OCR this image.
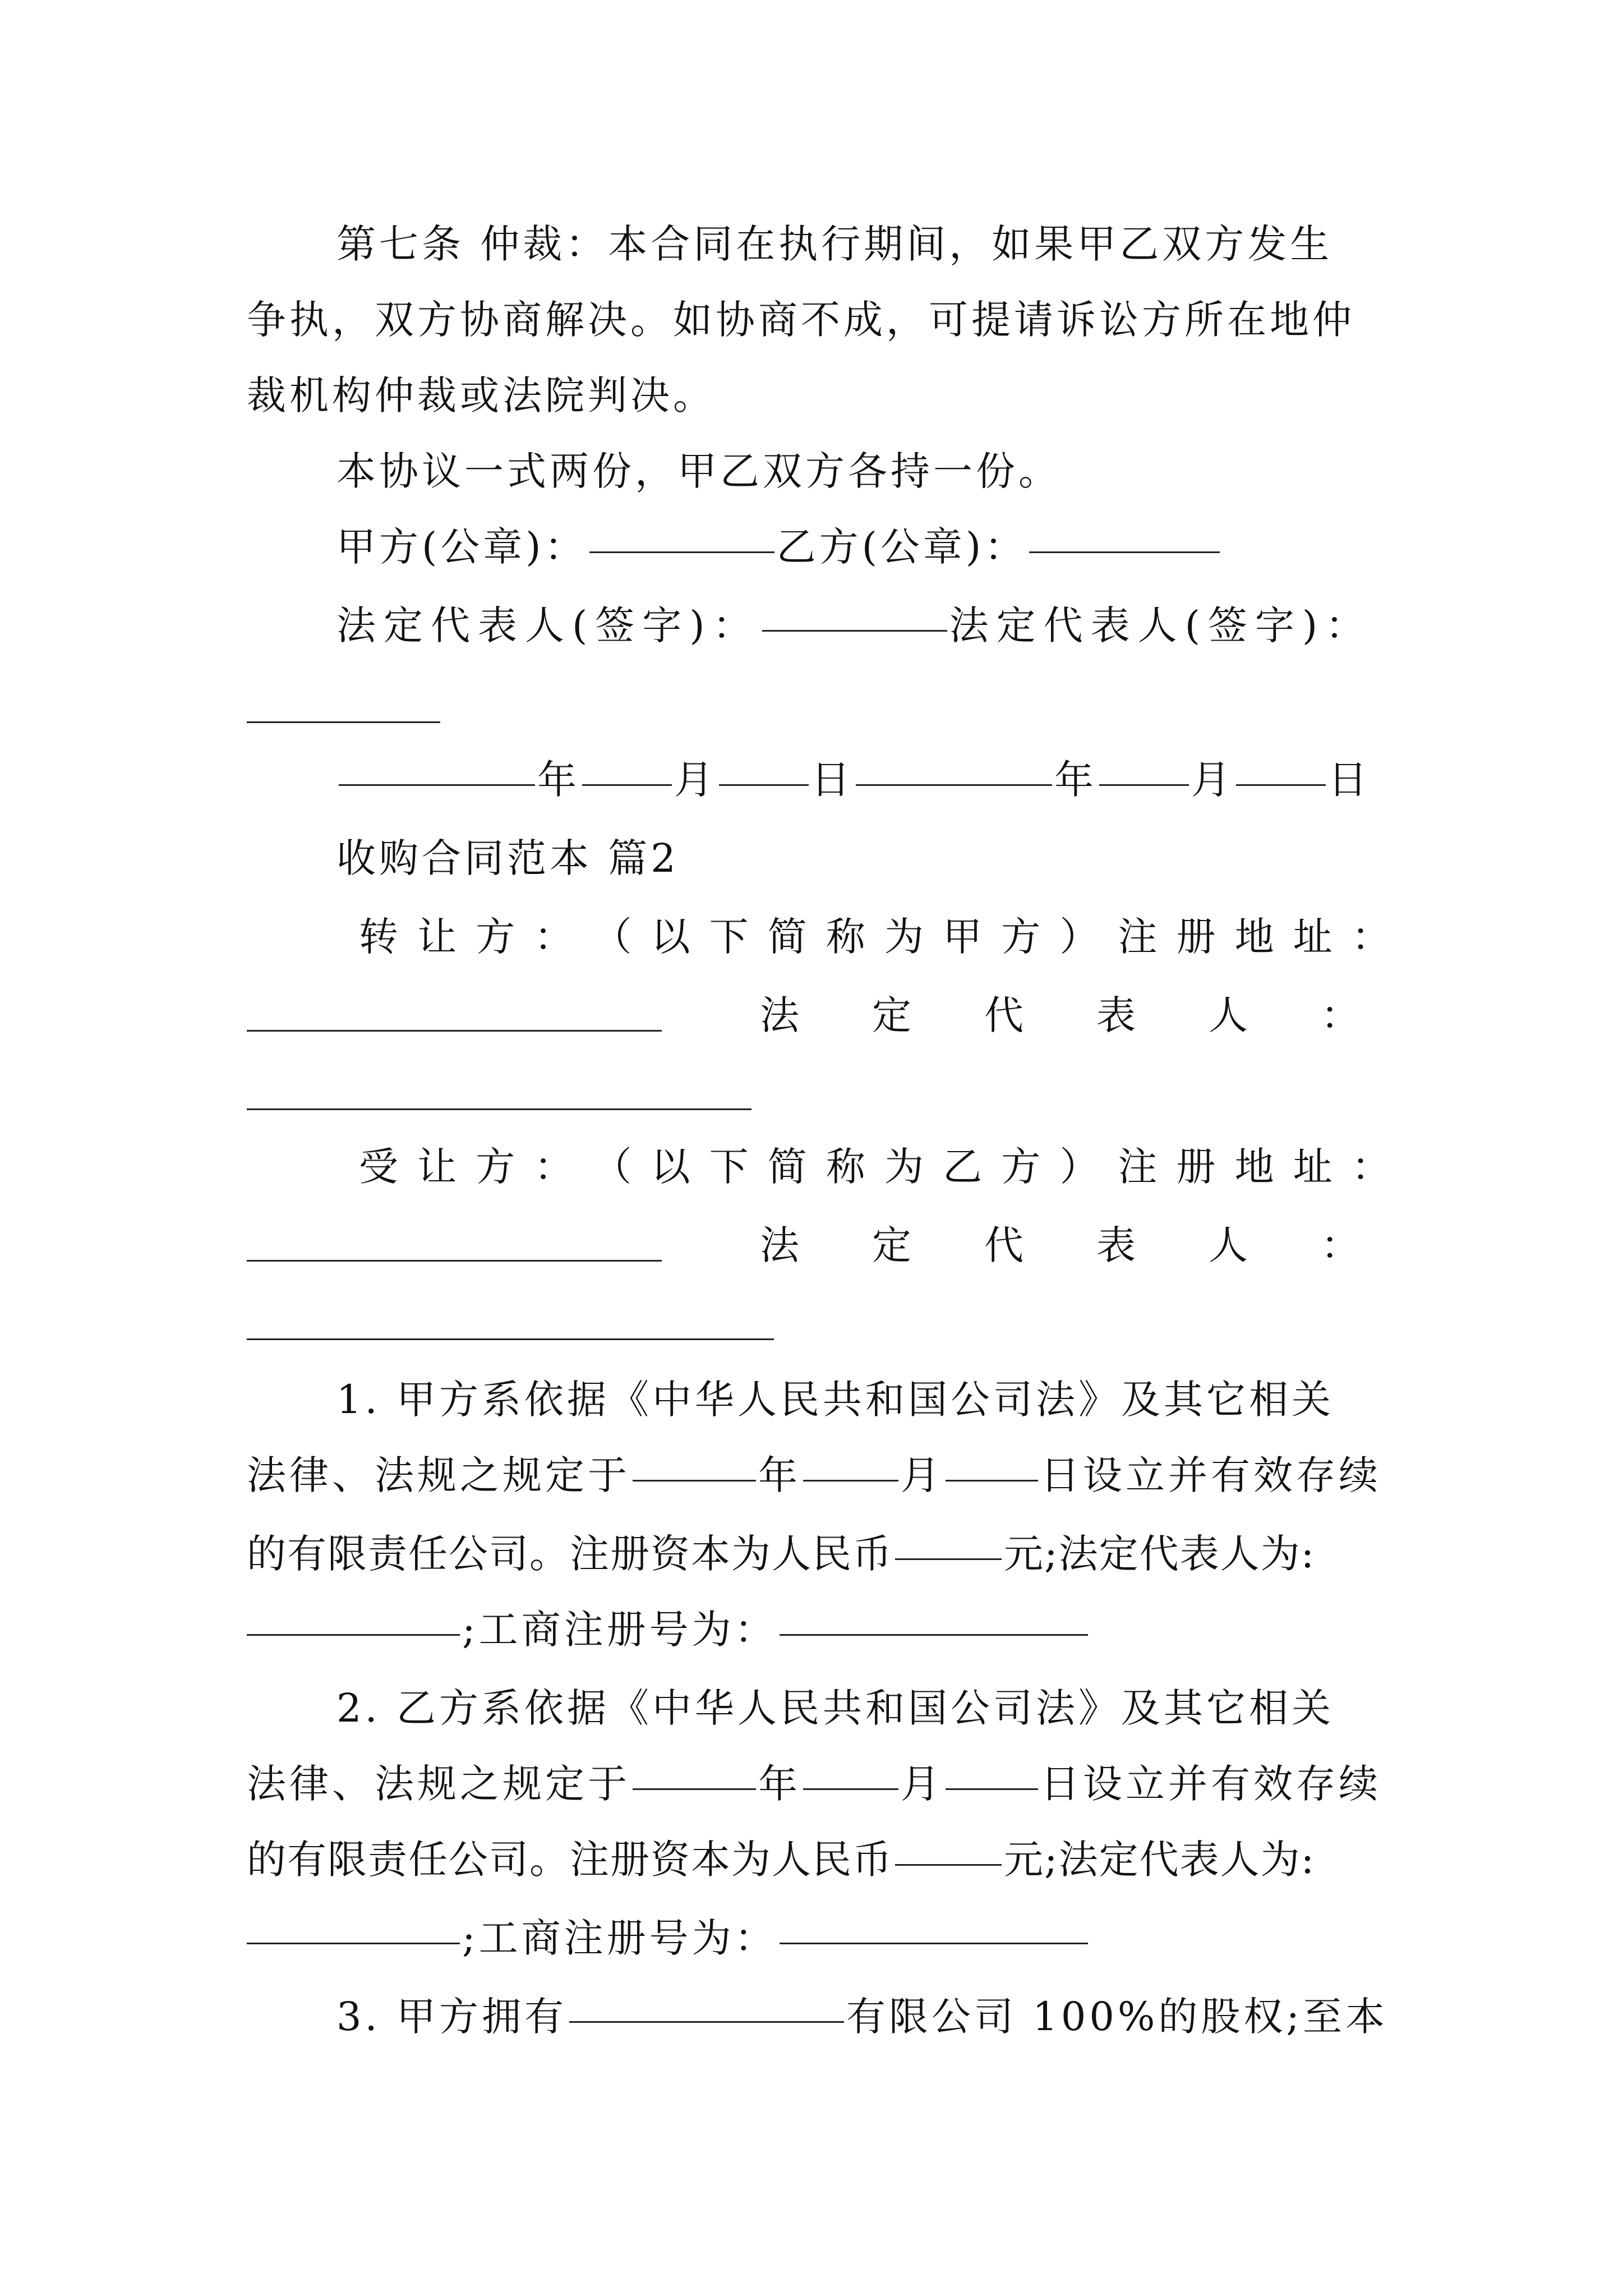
第七条 仲裁：本合同在执行期间，如果甲乙双方发生
争执，双方协商解决。如协商不成，可提请诉讼方所在地仲
裁机构仲裁或法院判决。
本协议一式两份，甲乙双方各持一份。
甲方(公章)：	乙方(公章)：
法定代表人(签字)：	法定代表人(签字)：
年 月 日	年 月 日
收购合同范本 篇2
转 让 方 ： （ 以 下 简 称 为 甲 方 ） 注 册 地 址 ：
法 定 代 表 人 ：
受 让 方 ： （ 以 下 简 称 为 乙 方 ） 注 册 地 址 ：
法 定 代 表 人 ：
1. 甲方系依据《中华人民共和国公司法》及其它相关
法律、法规之规定于	年	月 日设立并有效存续
的有限责任公司。注册资本为人民币	元;法定代表人为:
;工商注册号为：
2. 乙方系依据《中华人民共和国公司法》及其它相关
法律、法规之规定于	年	月 日设立并有效存续
的有限责任公司。注册资本为人民币	元;法定代表人为:
;工商注册号为：
3. 甲方拥有	有限公司 100%的股权;至本
